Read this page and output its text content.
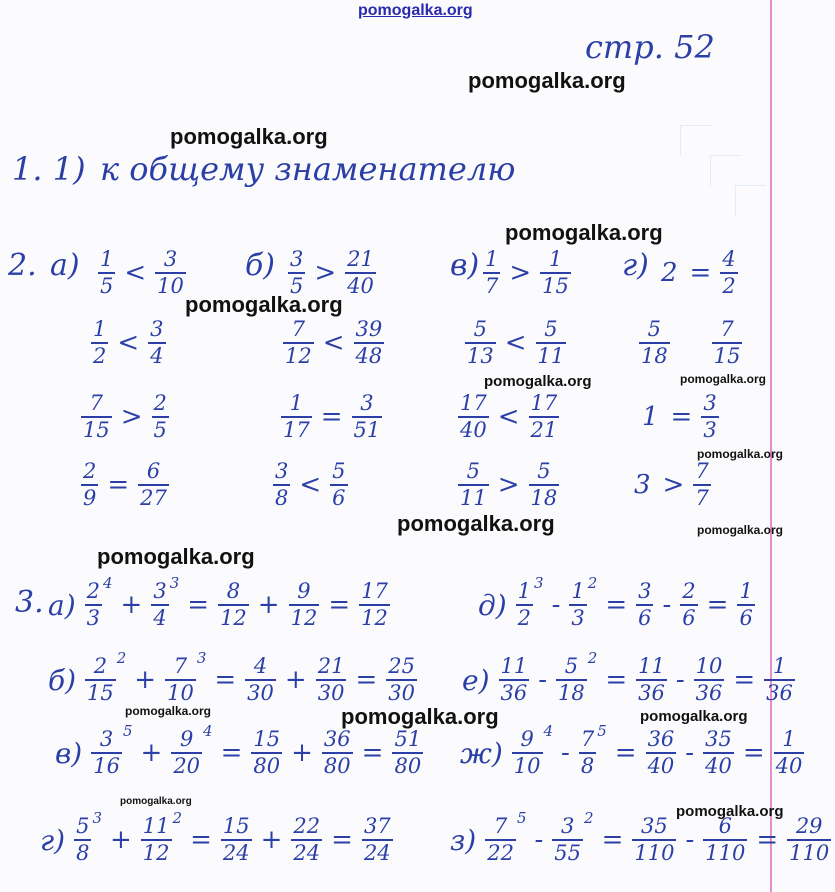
pomogalka.org
pomogalka.org
pomogalka.org
pomogalka.org
pomogalka.org
pomogalka.org	pomogalka.org
pomogalka.org
pomogalka.org	pomogalka.org
pomogalka.org
pomogalka.org	pomogalka.org	pomogalka.org
pomogalka.org
pomogalka.org
стр. 52
1. 1) к общему знаменателю
2. а)	б)	в)	г)
$\frac{1}{5} < \frac{3}{10}$	$\frac{3}{5} > \frac{21}{40}$	$\frac{1}{7} > \frac{1}{15}$	$2 = \frac{4}{2}$
$\frac{1}{2} < \frac{3}{4}$	$\frac{7}{12} < \frac{39}{48}$	$\frac{5}{13} < \frac{5}{11}$	$\frac{5}{18} \frac{7}{15}$
$\frac{7}{15} > \frac{2}{5}$	$\frac{1}{17} = \frac{3}{51}$	$\frac{17}{40} < \frac{17}{21}$	$1 = \frac{3}{3}$
$\frac{2}{9} = \frac{6}{27}$	$\frac{3}{8} < \frac{5}{6}$	$\frac{5}{11} > \frac{5}{18}$	$3 > \frac{7}{7}$
3. $а) \frac{2}{3} 4$
+ $\frac{3}{4} 3$
= $\frac{8}{12} + \frac{9}{12} = \frac{17}{12}$	$д) \frac{1}{2} 3$
- $\frac{1}{3} 2$
= $\frac{3}{6} - \frac{2}{6} = \frac{1}{6}$
$б) \frac{2}{15} 2$
+ $\frac{7}{10} 3$
= $\frac{4}{30} + \frac{21}{30} = \frac{25}{30} е) \frac{11}{36} - \frac{5}{18} 2$
= $\frac{11}{36} - \frac{10}{36} = \frac{1}{36}$
$в) \frac{3}{16} 5$
+ $\frac{9}{20} 4$
= $\frac{15}{80} + \frac{36}{80} = \frac{51}{80} ж) \frac{9}{10} 4$
- $\frac{7}{8} 5$
= $\frac{36}{40} - \frac{35}{40} = \frac{1}{40}$
$г) \frac{5}{8} 3$
+ $\frac{11}{12} 2$
= $\frac{15}{24} + \frac{22}{24} = \frac{37}{24} з) \frac{7}{22} 5$
- $\frac{3}{55} 2$
= $\frac{35}{110} - \frac{6}{110} = \frac{29}{110}$
